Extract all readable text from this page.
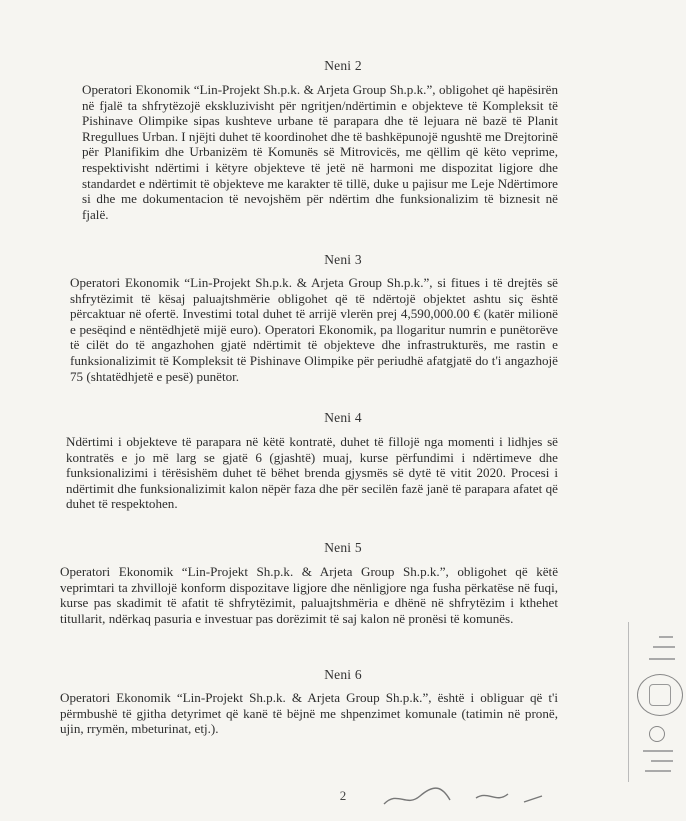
Neni 2
Operatori Ekonomik “Lin-Projekt Sh.p.k. & Arjeta Group Sh.p.k.”, obligohet që hapësirën në fjalë ta shfrytëzojë ekskluzivisht për ngritjen/ndërtimin e objekteve të Kompleksit të Pishinave Olimpike sipas kushteve urbane të parapara dhe të lejuara në bazë të Planit Rregullues Urban. I njëjti duhet të koordinohet dhe të bashkëpunojë ngushtë me Drejtorinë për Planifikim dhe Urbanizëm të Komunës së Mitrovicës, me qëllim që këto veprime, respektivisht ndërtimi i këtyre objekteve të jetë në harmoni me dispozitat ligjore dhe standardet e ndërtimit të objekteve me karakter të tillë, duke u pajisur me Leje Ndërtimore si dhe me dokumentacion të nevojshëm për ndërtim dhe funksionalizim të biznesit në fjalë.
Neni 3
Operatori Ekonomik “Lin-Projekt Sh.p.k. & Arjeta Group Sh.p.k.”, si fitues i të drejtës së shfrytëzimit të kësaj paluajtshmërie obligohet që të ndërtojë objektet ashtu siç është përcaktuar në ofertë. Investimi total duhet të arrijë vlerën prej 4,590,000.00 € (katër milionë e pesëqind e nëntëdhjetë mijë euro). Operatori Ekonomik, pa llogaritur numrin e punëtorëve të cilët do të angazhohen gjatë ndërtimit të objekteve dhe infrastrukturës, me rastin e funksionalizimit të Kompleksit të Pishinave Olimpike për periudhë afatgjatë do t'i angazhojë 75 (shtatëdhjetë e pesë) punëtor.
Neni 4
Ndërtimi i objekteve të parapara në këtë kontratë, duhet të fillojë nga momenti i lidhjes së kontratës e jo më larg se gjatë 6 (gjashtë) muaj, kurse përfundimi i ndërtimeve dhe funksionalizimi i tërësishëm duhet të bëhet brenda gjysmës së dytë të vitit 2020. Procesi i ndërtimit dhe funksionalizimit kalon nëpër faza dhe për secilën fazë janë të parapara afatet që duhet të respektohen.
Neni 5
Operatori Ekonomik “Lin-Projekt Sh.p.k. & Arjeta Group Sh.p.k.”, obligohet që këtë veprimtari ta zhvillojë konform dispozitave ligjore dhe nënligjore nga fusha përkatëse në fuqi, kurse pas skadimit të afatit të shfrytëzimit, paluajtshmëria e dhënë në shfrytëzim i kthehet titullarit, ndërkaq pasuria e investuar pas dorëzimit të saj kalon në pronësi të komunës.
Neni 6
Operatori Ekonomik “Lin-Projekt Sh.p.k. & Arjeta Group Sh.p.k.”, është i obliguar që t'i përmbushë të gjitha detyrimet që kanë të bëjnë me shpenzimet komunale (tatimin në pronë, ujin, rrymën, mbeturinat, etj.).
2
